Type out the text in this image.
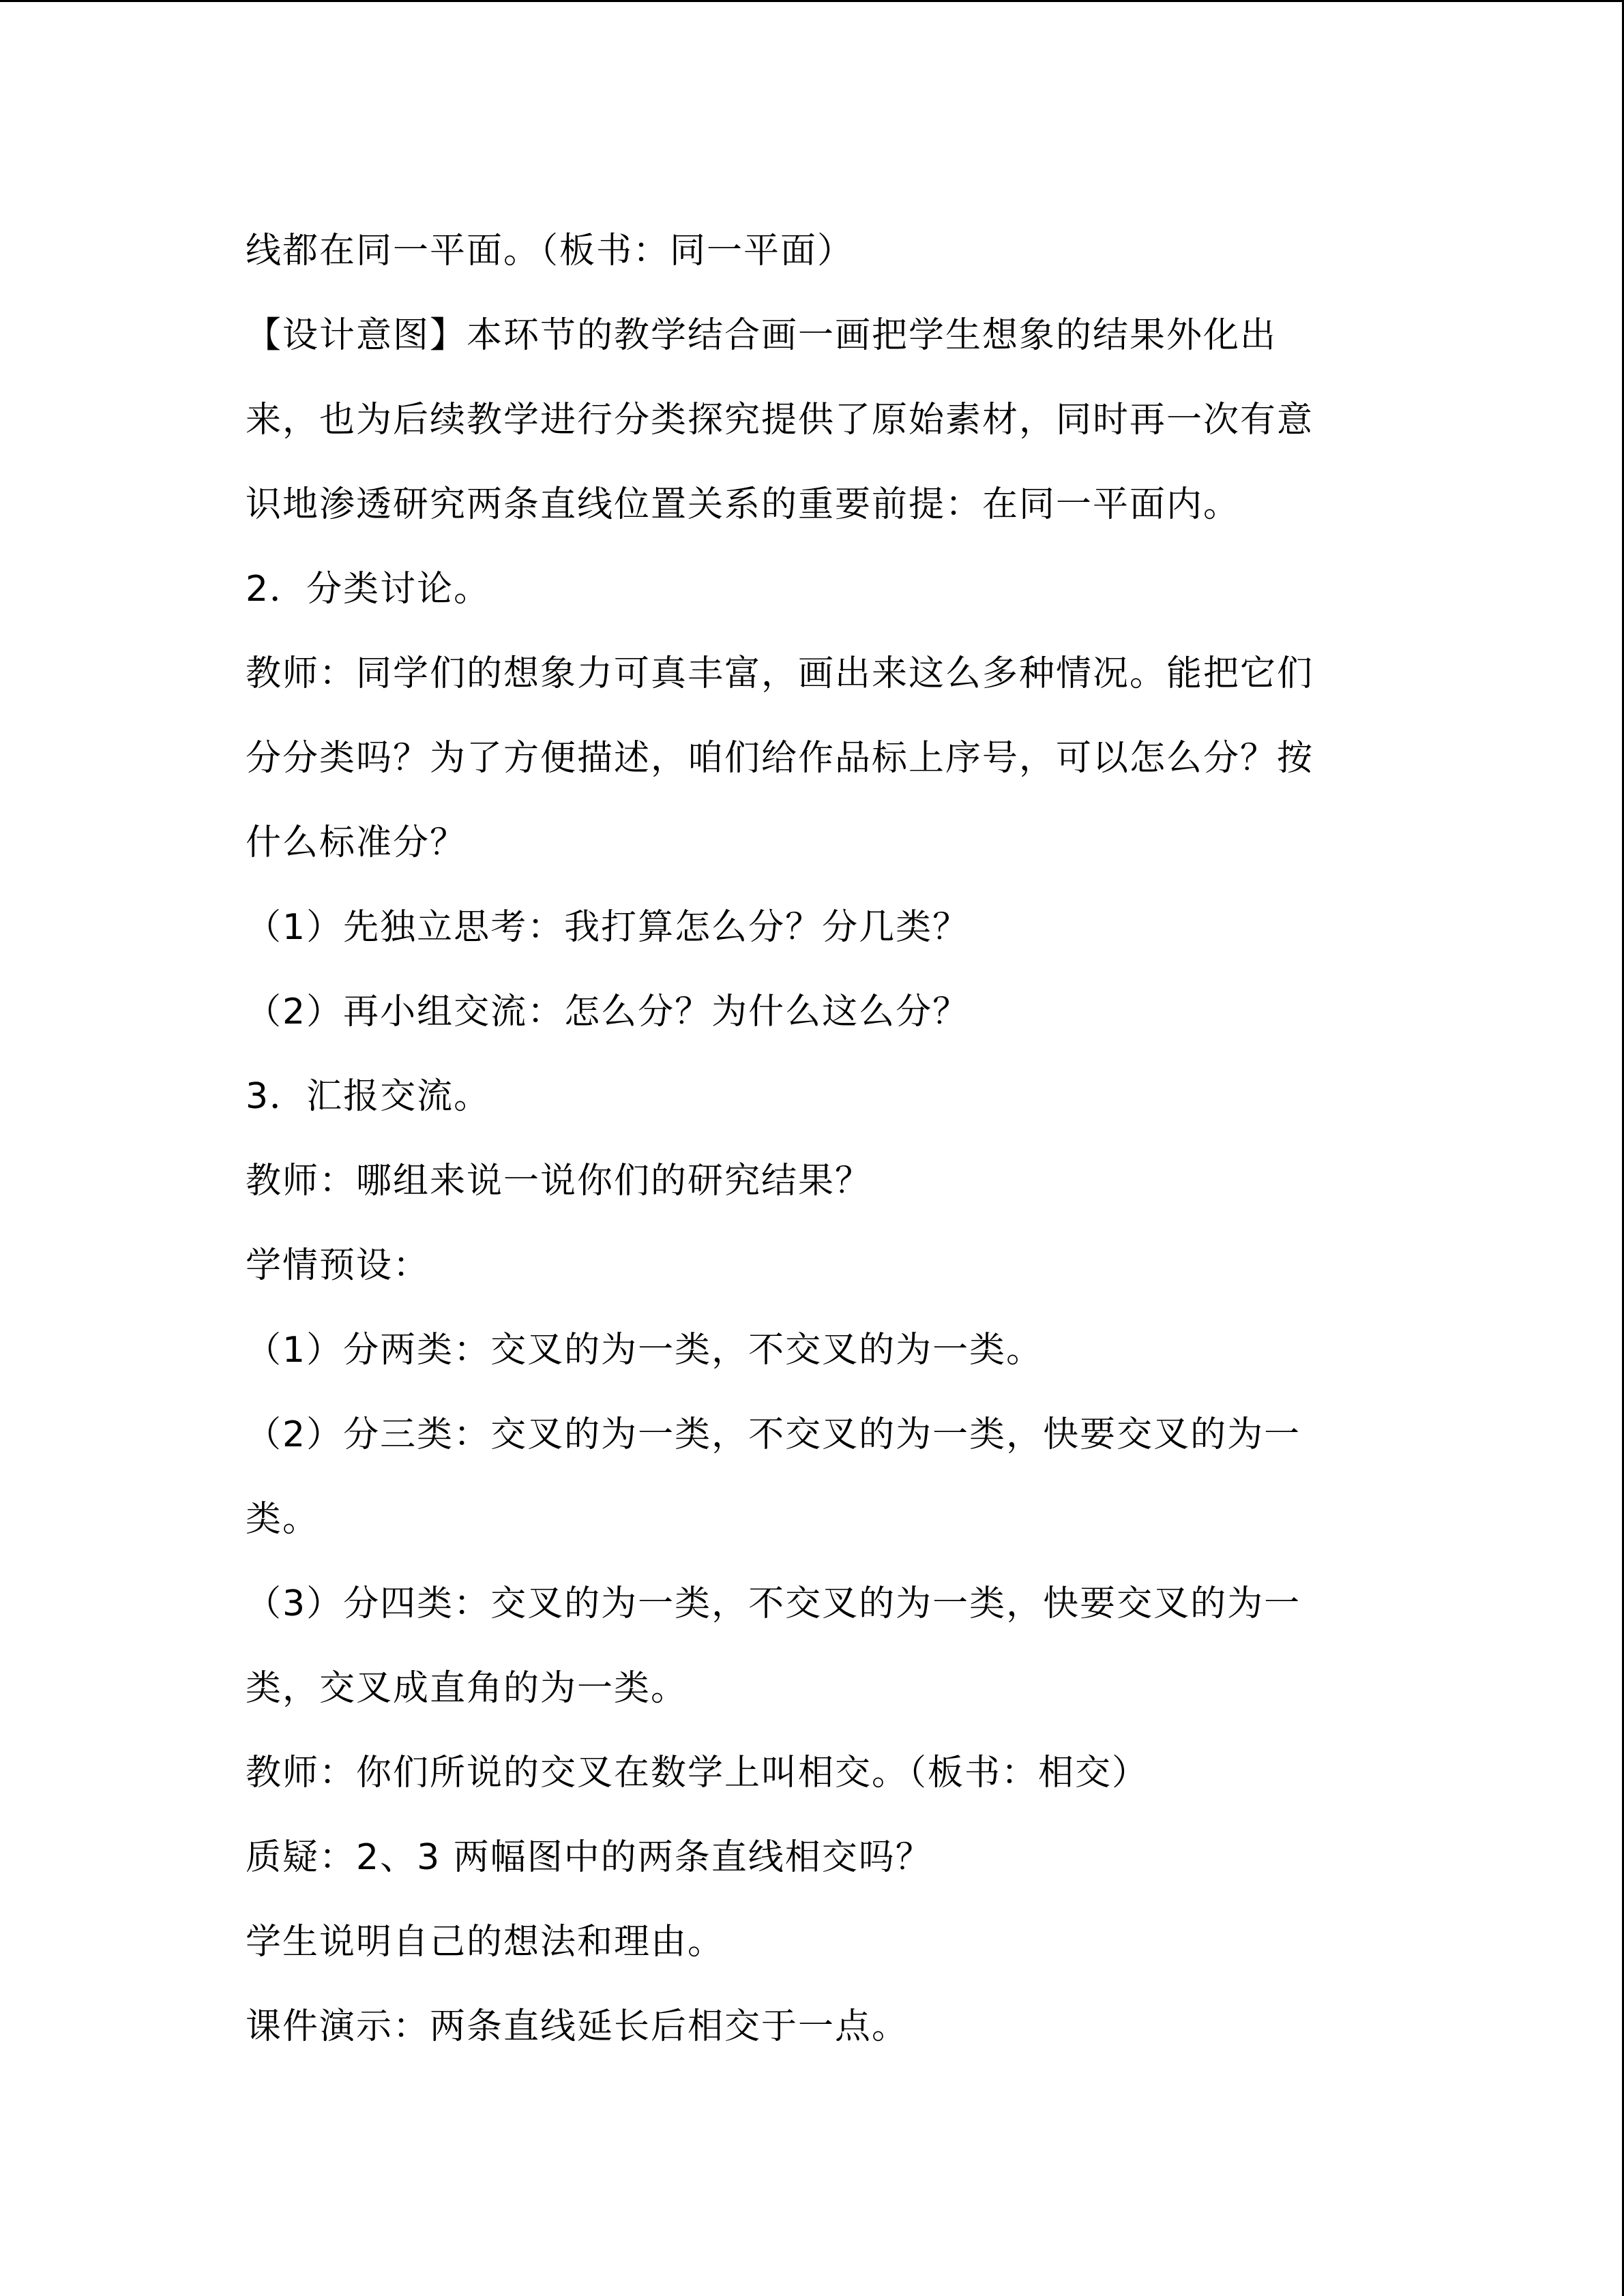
线都在同一平面。（板书：同一平面）
【设计意图】本环节的教学结合画一画把学生想象的结果外化出
来，也为后续教学进行分类探究提供了原始素材，同时再一次有意
识地渗透研究两条直线位置关系的重要前提：在同一平面内。
2．分类讨论。
教师：同学们的想象力可真丰富，画出来这么多种情况。能把它们
分分类吗？为了方便描述，咱们给作品标上序号，可以怎么分？按
什么标准分？
（1）先独立思考：我打算怎么分？分几类？
（2）再小组交流：怎么分？为什么这么分？
3．汇报交流。
教师：哪组来说一说你们的研究结果？
学情预设：
（1）分两类：交叉的为一类，不交叉的为一类。
（2）分三类：交叉的为一类，不交叉的为一类，快要交叉的为一
类。
（3）分四类：交叉的为一类，不交叉的为一类，快要交叉的为一
类，交叉成直角的为一类。
教师：你们所说的交叉在数学上叫相交。（板书：相交）
质疑：2、3 两幅图中的两条直线相交吗？
学生说明自己的想法和理由。
课件演示：两条直线延长后相交于一点。
